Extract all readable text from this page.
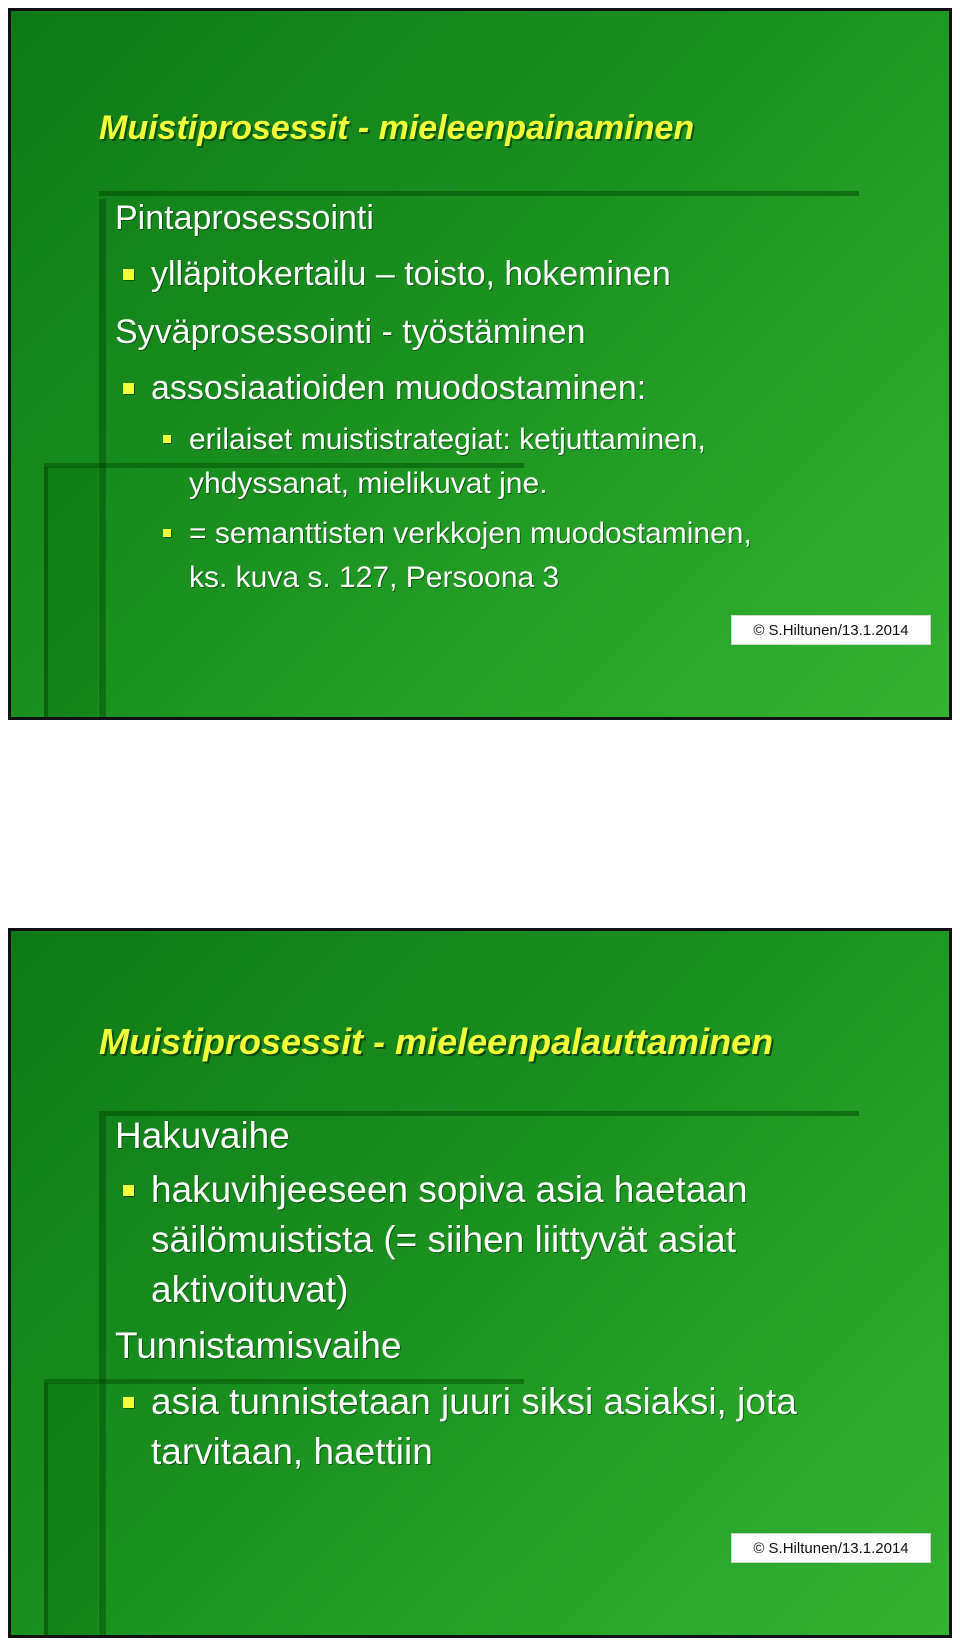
Muistiprosessit - mieleenpainaminen
Pintaprosessointi
ylläpitokertailu – toisto, hokeminen
Syväprosessointi - työstäminen
assosiaatioiden muodostaminen:
erilaiset muististrategiat: ketjuttaminen,
yhdyssanat, mielikuvat jne.
= semanttisten verkkojen muodostaminen,
ks. kuva s. 127, Persoona 3
© S.Hiltunen/13.1.2014
Muistiprosessit - mieleenpalauttaminen
Hakuvaihe
hakuvihjeeseen sopiva asia haetaan
säilömuistista (= siihen liittyvät asiat
aktivoituvat)
Tunnistamisvaihe
asia tunnistetaan juuri siksi asiaksi, jota
tarvitaan, haettiin
© S.Hiltunen/13.1.2014
